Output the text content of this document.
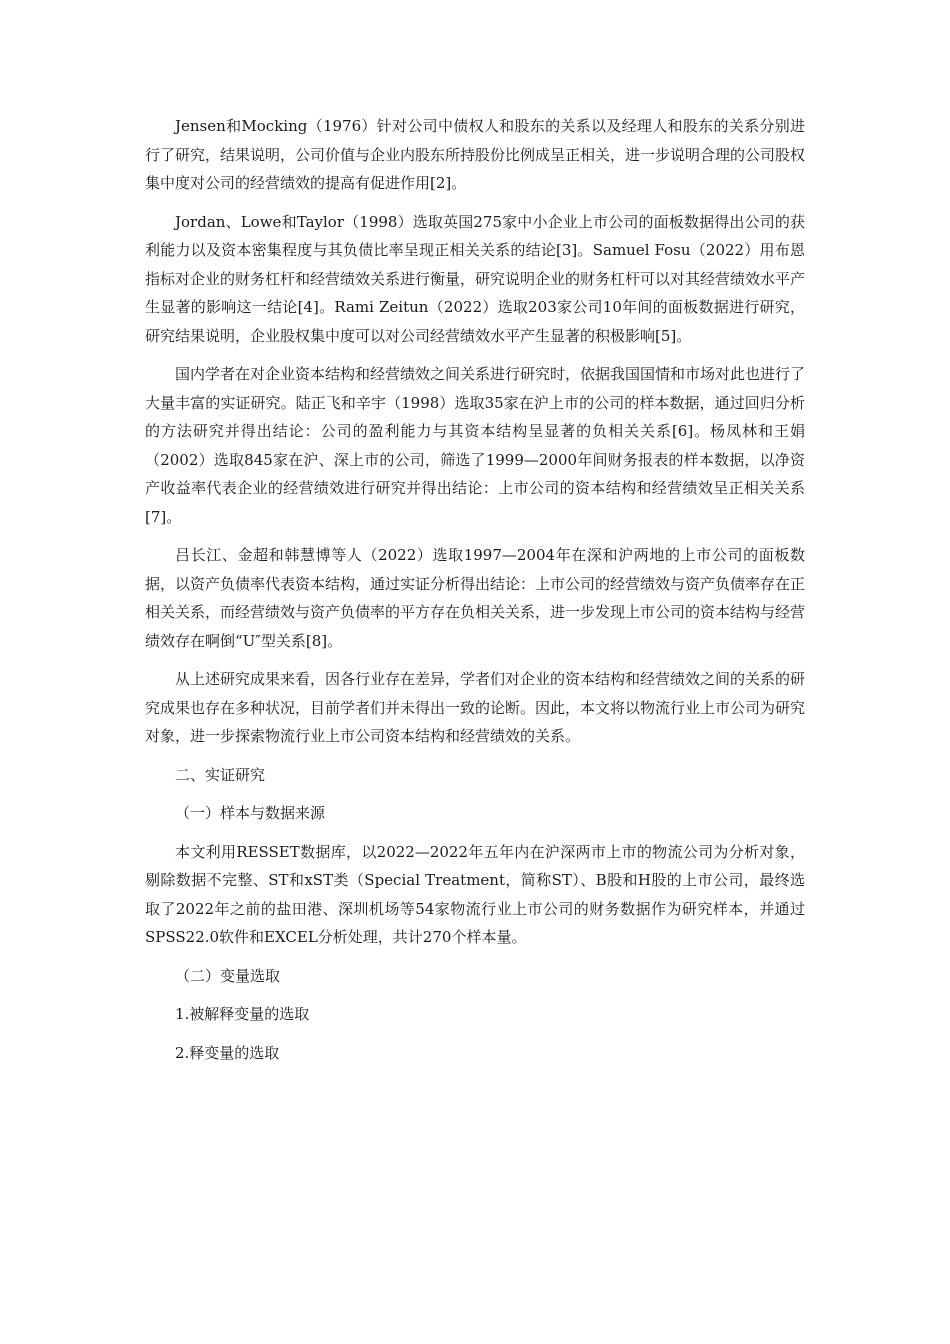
Jensen和Mocking（1976）针对公司中债权人和股东的关系以及经理人和股东的关系分别进行了研究，结果说明，公司价值与企业内股东所持股份比例成呈正相关，进一步说明合理的公司股权集中度对公司的经营绩效的提高有促进作用[2]。

Jordan、Lowe和Taylor（1998）选取英国275家中小企业上市公司的面板数据得出公司的获利能力以及资本密集程度与其负债比率呈现正相关关系的结论[3]。Samuel Fosu（2022）用布恩指标对企业的财务杠杆和经营绩效关系进行衡量，研究说明企业的财务杠杆可以对其经营绩效水平产生显著的影响这一结论[4]。Rami Zeitun（2022）选取203家公司10年间的面板数据进行研究，研究结果说明，企业股权集中度可以对公司经营绩效水平产生显著的积极影响[5]。

国内学者在对企业资本结构和经营绩效之间关系进行研究时，依据我国国情和市场对此也进行了大量丰富的实证研究。陆正飞和辛宇（1998）选取35家在沪上市的公司的样本数据，通过回归分析的方法研究并得出结论：公司的盈利能力与其资本结构呈显著的负相关关系[6]。杨凤林和王娟（2002）选取845家在沪、深上市的公司，筛选了1999—2000年间财务报表的样本数据，以净资产收益率代表企业的经营绩效进行研究并得出结论：上市公司的资本结构和经营绩效呈正相关关系[7]。

吕长江、金超和韩慧博等人（2022）选取1997—2004年在深和沪两地的上市公司的面板数据，以资产负债率代表资本结构，通过实证分析得出结论：上市公司的经营绩效与资产负债率存在正相关关系，而经营绩效与资产负债率的平方存在负相关关系，进一步发现上市公司的资本结构与经营绩效存在啊倒“U″型关系[8]。

从上述研究成果来看，因各行业存在差异，学者们对企业的资本结构和经营绩效之间的关系的研究成果也存在多种状况，目前学者们并未得出一致的论断。因此，本文将以物流行业上市公司为研究对象，进一步探索物流行业上市公司资本结构和经营绩效的关系。

二、实证研究

（一）样本与数据来源

本文利用RESSET数据库，以2022—2022年五年内在沪深两市上市的物流公司为分析对象，剔除数据不完整、ST和xST类（Special Treatment，简称ST）、B股和H股的上市公司，最终选取了2022年之前的盐田港、深圳机场等54家物流行业上市公司的财务数据作为研究样本，并通过SPSS22.0软件和EXCEL分析处理，共计270个样本量。

（二）变量选取

1.被解释变量的选取

2.释变量的选取
